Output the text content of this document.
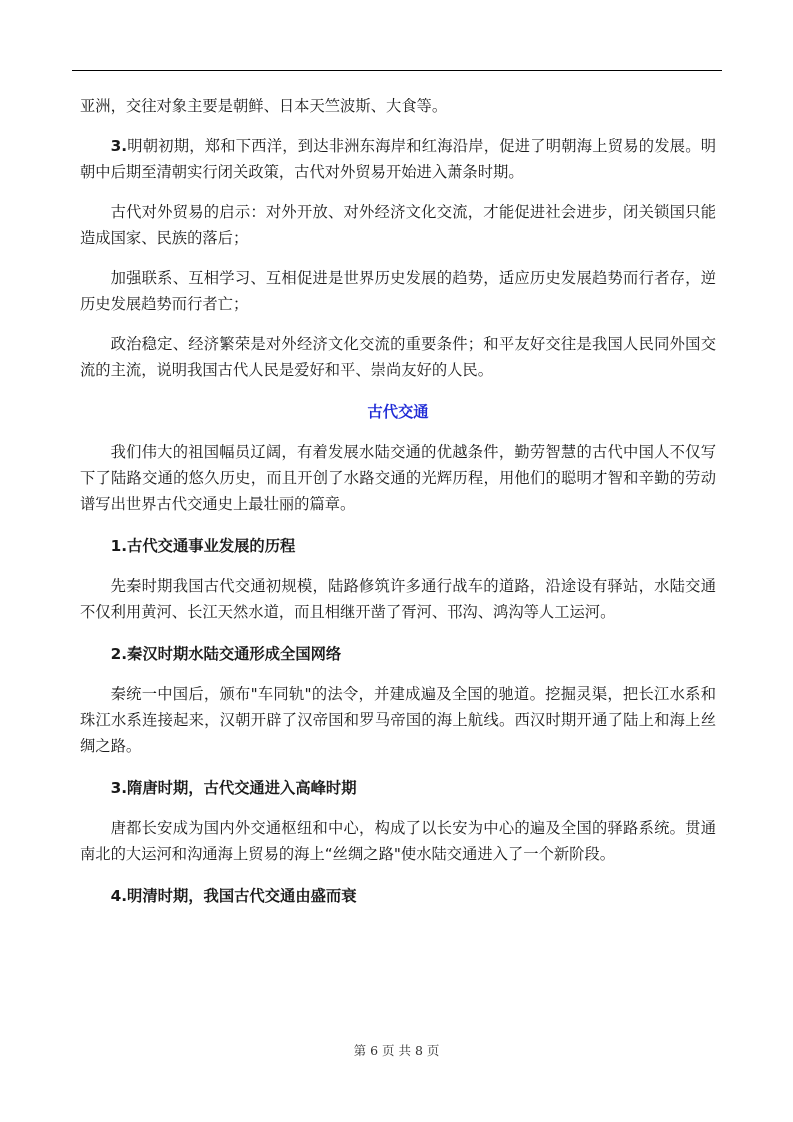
亚洲，交往对象主要是朝鲜、日本天竺波斯、大食等。

3.明朝初期，郑和下西洋，到达非洲东海岸和红海沿岸，促进了明朝海上贸易的发展。明朝中后期至清朝实行闭关政策，古代对外贸易开始进入萧条时期。

古代对外贸易的启示：对外开放、对外经济文化交流，才能促进社会进步，闭关锁国只能造成国家、民族的落后；

加强联系、互相学习、互相促进是世界历史发展的趋势，适应历史发展趋势而行者存，逆历史发展趋势而行者亡；

政治稳定、经济繁荣是对外经济文化交流的重要条件；和平友好交往是我国人民同外国交流的主流，说明我国古代人民是爱好和平、崇尚友好的人民。

古代交通

我们伟大的祖国幅员辽阔，有着发展水陆交通的优越条件，勤劳智慧的古代中国人不仅写下了陆路交通的悠久历史，而且开创了水路交通的光辉历程，用他们的聪明才智和辛勤的劳动谱写出世界古代交通史上最壮丽的篇章。

1.古代交通事业发展的历程

先秦时期我国古代交通初规模，陆路修筑许多通行战车的道路，沿途设有驿站，水陆交通不仅利用黄河、长江天然水道，而且相继开凿了胥河、邗沟、鸿沟等人工运河。

2.秦汉时期水陆交通形成全国网络

秦统一中国后，颁布"车同轨"的法令，并建成遍及全国的驰道。挖掘灵渠，把长江水系和珠江水系连接起来，汉朝开辟了汉帝国和罗马帝国的海上航线。西汉时期开通了陆上和海上丝绸之路。

3.隋唐时期，古代交通进入高峰时期

唐都长安成为国内外交通枢纽和中心，构成了以长安为中心的遍及全国的驿路系统。贯通南北的大运河和沟通海上贸易的海上“丝绸之路"使水陆交通进入了一个新阶段。

4.明清时期，我国古代交通由盛而衰
第 6 页 共 8 页
